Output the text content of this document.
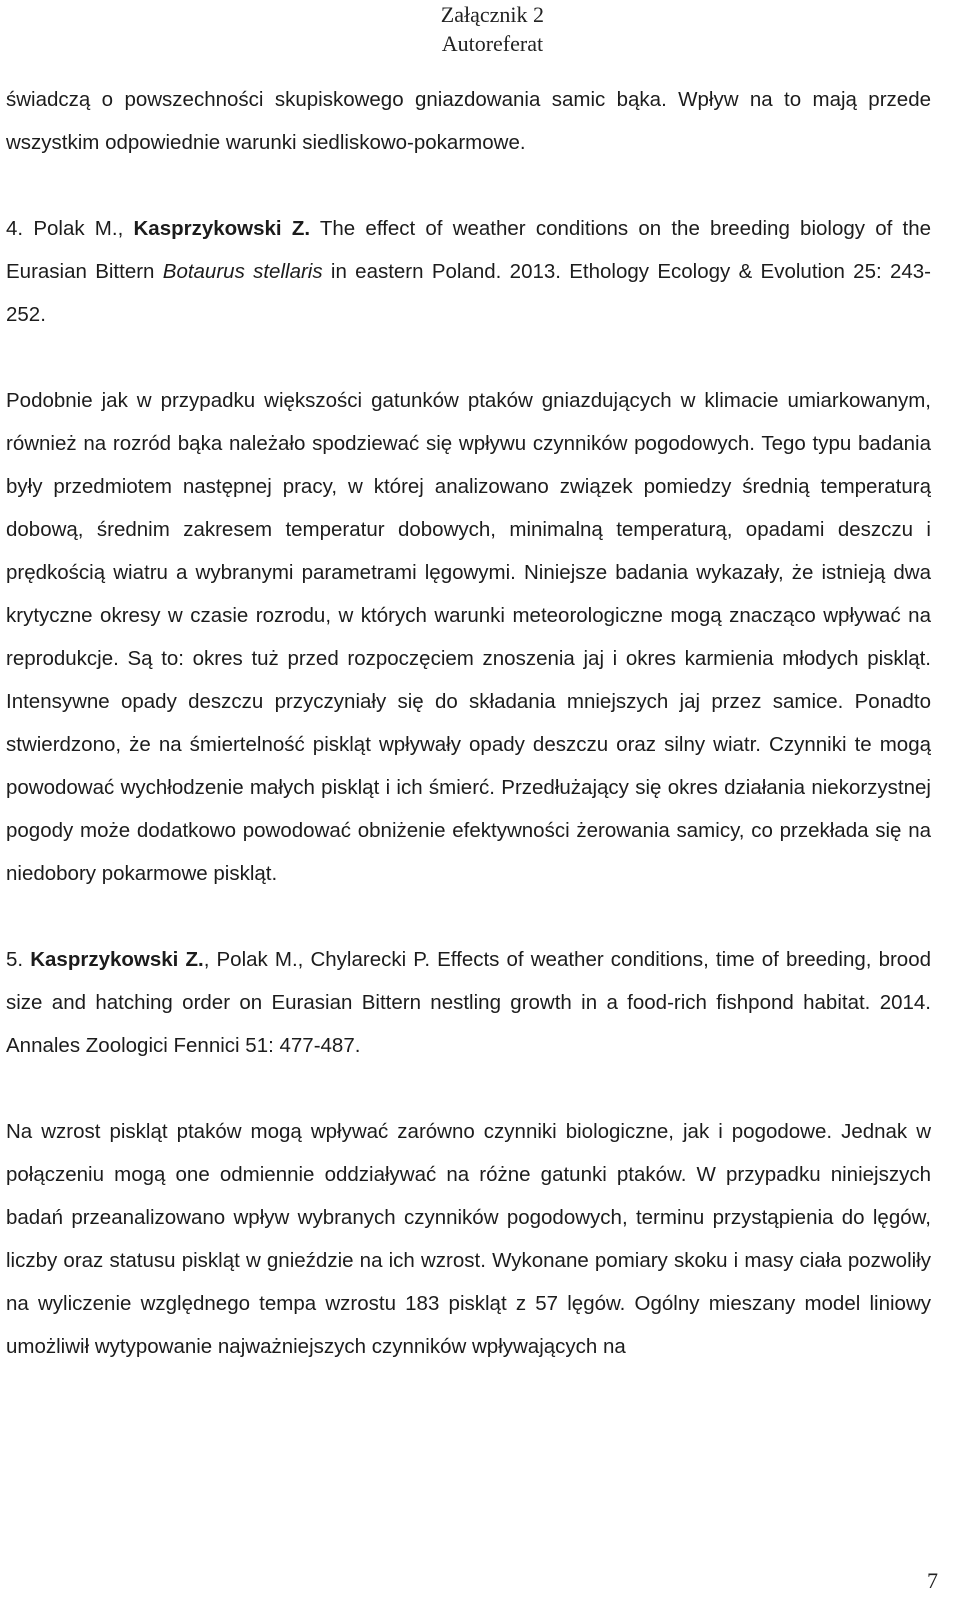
Załącznik 2
Autoreferat

świadczą o powszechności skupiskowego gniazdowania samic bąka. Wpływ na to mają przede wszystkim odpowiednie warunki siedliskowo-pokarmowe.

4. Polak M., Kasprzykowski Z. The effect of weather conditions on the breeding biology of the Eurasian Bittern Botaurus stellaris in eastern Poland. 2013. Ethology Ecology & Evolution 25: 243-252.

Podobnie jak w przypadku większości gatunków ptaków gniazdujących w klimacie umiarkowanym, również na rozród bąka należało spodziewać się wpływu czynników pogodowych. Tego typu badania były przedmiotem następnej pracy, w której analizowano związek pomiedzy średnią temperaturą dobową, średnim zakresem temperatur dobowych, minimalną temperaturą, opadami deszczu i prędkością wiatru a wybranymi parametrami lęgowymi. Niniejsze badania wykazały, że istnieją dwa krytyczne okresy w czasie rozrodu, w których warunki meteorologiczne mogą znacząco wpływać na reprodukcje. Są to: okres tuż przed rozpoczęciem znoszenia jaj i okres karmienia młodych piskląt. Intensywne opady deszczu przyczyniały się do składania mniejszych jaj przez samice. Ponadto stwierdzono, że na śmiertelność piskląt wpływały opady deszczu oraz silny wiatr. Czynniki te mogą powodować wychłodzenie małych piskląt i ich śmierć. Przedłużający się okres działania niekorzystnej pogody może dodatkowo powodować obniżenie efektywności żerowania samicy, co przekłada się na niedobory pokarmowe piskląt.

5. Kasprzykowski Z., Polak M., Chylarecki P. Effects of weather conditions, time of breeding, brood size and hatching order on Eurasian Bittern nestling growth in a food-rich fishpond habitat. 2014. Annales Zoologici Fennici 51: 477-487.

Na wzrost piskląt ptaków mogą wpływać zarówno czynniki biologiczne, jak i pogodowe. Jednak w połączeniu mogą one odmiennie oddziaływać na różne gatunki ptaków. W przypadku niniejszych badań przeanalizowano wpływ wybranych czynników pogodowych, terminu przystąpienia do lęgów, liczby oraz statusu piskląt w gnieździe na ich wzrost. Wykonane pomiary skoku i masy ciała pozwoliły na wyliczenie względnego tempa wzrostu 183 piskląt z 57 lęgów. Ogólny mieszany model liniowy umożliwił wytypowanie najważniejszych czynników wpływających na

7
